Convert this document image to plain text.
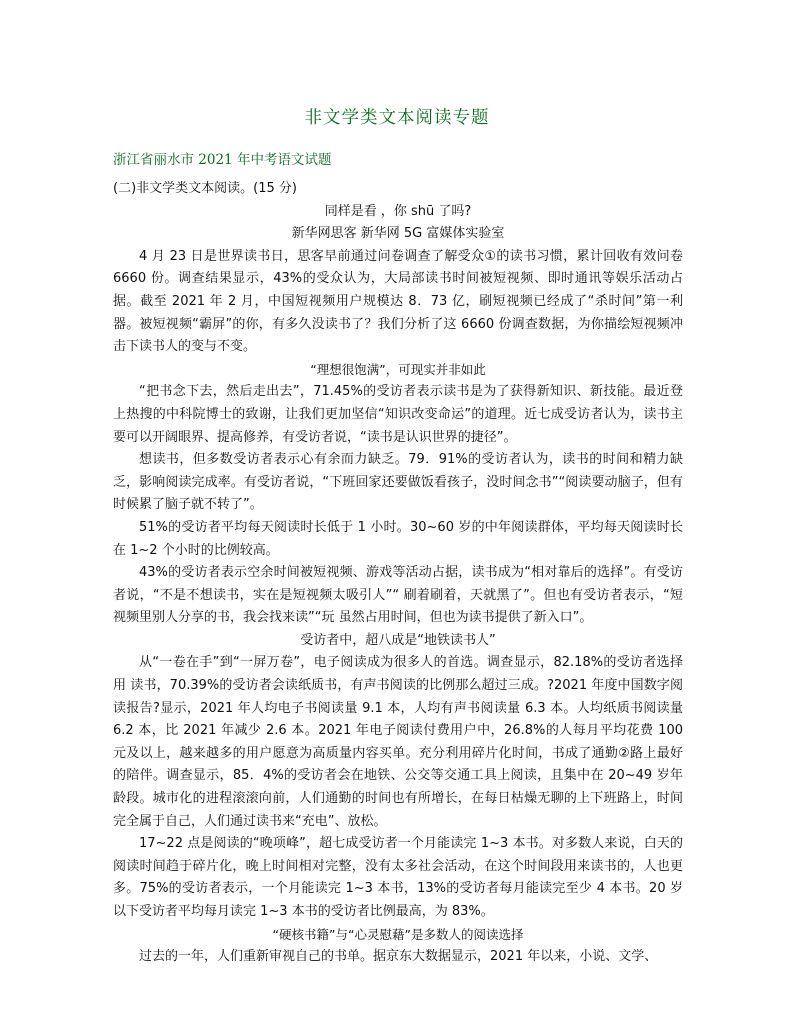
非文学类文本阅读专题
浙江省丽水市 2021 年中考语文试题

(二)非文学类文本阅读。(15 分)

同样是看 ，你 shū 了吗?

新华网思客 新华网 5G 富媒体实验室

4 月 23 日是世界读书日，思客早前通过问卷调查了解受众①的读书习惯，累计回收有效问卷 6660 份。调查结果显示，43%的受众认为，大局部读书时间被短视频、即时通讯等娱乐活动占据。截至 2021 年 2 月，中国短视频用户规模达 8．73 亿，刷短视频已经成了“杀时间”第一利器。被短视频“霸屏”的你，有多久没读书了？我们分析了这 6660 份调查数据，为你描绘短视频冲击下读书人的变与不变。

“理想很饱满”，可现实并非如此

“把书念下去，然后走出去”，71.45%的受访者表示读书是为了获得新知识、新技能。最近登上热搜的中科院博士的致谢，让我们更加坚信“知识改变命运”的道理。近七成受访者认为，读书主要可以开阔眼界、提高修养，有受访者说，“读书是认识世界的捷径”。

想读书，但多数受访者表示心有余而力缺乏。79．91%的受访者认为，读书的时间和精力缺乏，影响阅读完成率。有受访者说，“下班回家还要做饭看孩子，没时间念书”“阅读要动脑子，但有时候累了脑子就不转了”。

51%的受访者平均每天阅读时长低于 1 小时。30~60 岁的中年阅读群体，平均每天阅读时长在 1~2 个小时的比例较高。

43%的受访者表示空余时间被短视频、游戏等活动占据，读书成为“相对靠后的选择”。有受访者说，“不是不想读书，实在是短视频太吸引人”“ 刷着刷着，天就黑了”。但也有受访者表示，“短视频里别人分享的书，我会找来读”“玩 虽然占用时间，但也为读书提供了新入口”。

受访者中，超八成是“地铁读书人”

从“一卷在手”到“一屏万卷”，电子阅读成为很多人的首选。调查显示，82.18%的受访者选择用 读书，70.39%的受访者会读纸质书，有声书阅读的比例那么超过三成。?2021 年度中国数字阅读报告?显示，2021 年人均电子书阅读量 9.1 本，人均有声书阅读量 6.3 本。人均纸质书阅读量 6.2 本，比 2021 年减少 2.6 本。2021 年电子阅读付费用户中，26.8%的人每月平均花费 100 元及以上，越来越多的用户愿意为高质量内容买单。充分利用碎片化时间，书成了通勤②路上最好的陪伴。调查显示，85．4%的受访者会在地铁、公交等交通工具上阅读，且集中在 20~49 岁年龄段。城市化的进程滚滚向前，人们通勤的时间也有所增长，在每日枯燥无聊的上下班路上，时间完全属于自己，人们通过读书来“充电”、放松。

17~22 点是阅读的“晚项峰”，超七成受访者一个月能读完 1~3 本书。对多数人来说，白天的阅读时间趋于碎片化，晚上时间相对完整，没有太多社会活动，在这个时间段用来读书的，人也更多。75%的受访者表示，一个月能读完 1~3 本书，13%的受访者每月能读完至少 4 本书。20 岁以下受访者平均每月读完 1~3 本书的受访者比例最高，为 83%。

“硬核书籍”与“心灵慰藉”是多数人的阅读选择

过去的一年，人们重新审视自己的书单。据京东大数据显示，2021 年以来，小说、文学、
